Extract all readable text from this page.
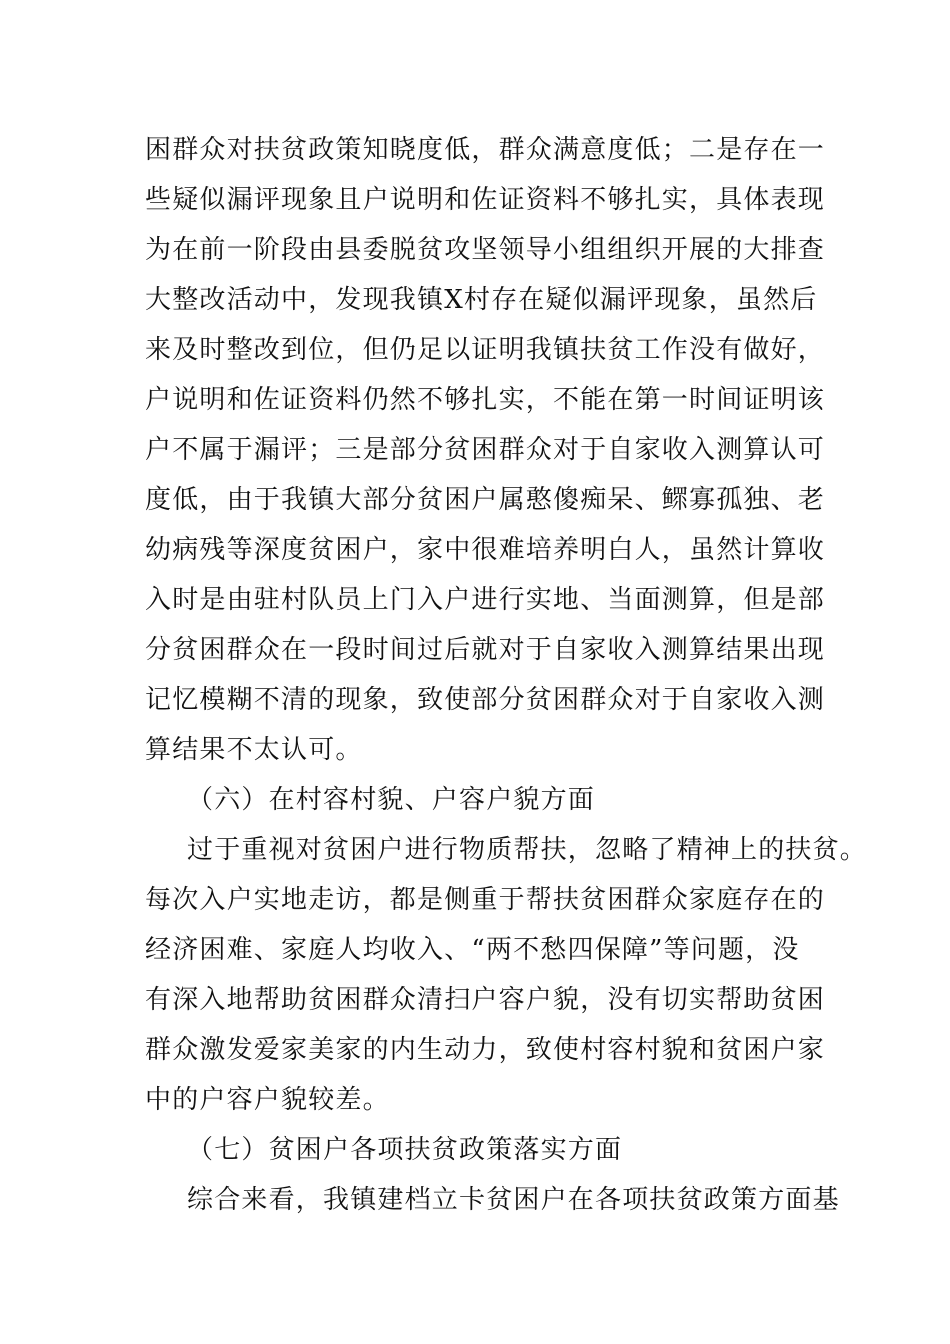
困群众对扶贫政策知晓度低，群众满意度低；二是存在一
些疑似漏评现象且户说明和佐证资料不够扎实，具体表现
为在前一阶段由县委脱贫攻坚领导小组组织开展的大排查
大整改活动中，发现我镇X村存在疑似漏评现象，虽然后
来及时整改到位，但仍足以证明我镇扶贫工作没有做好，
户说明和佐证资料仍然不够扎实，不能在第一时间证明该
户不属于漏评；三是部分贫困群众对于自家收入测算认可
度低，由于我镇大部分贫困户属憨傻痴呆、鳏寡孤独、老
幼病残等深度贫困户，家中很难培养明白人，虽然计算收
入时是由驻村队员上门入户进行实地、当面测算，但是部
分贫困群众在一段时间过后就对于自家收入测算结果出现
记忆模糊不清的现象，致使部分贫困群众对于自家收入测
算结果不太认可。
（六）在村容村貌、户容户貌方面
过于重视对贫困户进行物质帮扶，忽略了精神上的扶贫。
每次入户实地走访，都是侧重于帮扶贫困群众家庭存在的
经济困难、家庭人均收入、“两不愁四保障”等问题，没
有深入地帮助贫困群众清扫户容户貌，没有切实帮助贫困
群众激发爱家美家的内生动力，致使村容村貌和贫困户家
中的户容户貌较差。
（七）贫困户各项扶贫政策落实方面
综合来看，我镇建档立卡贫困户在各项扶贫政策方面基
